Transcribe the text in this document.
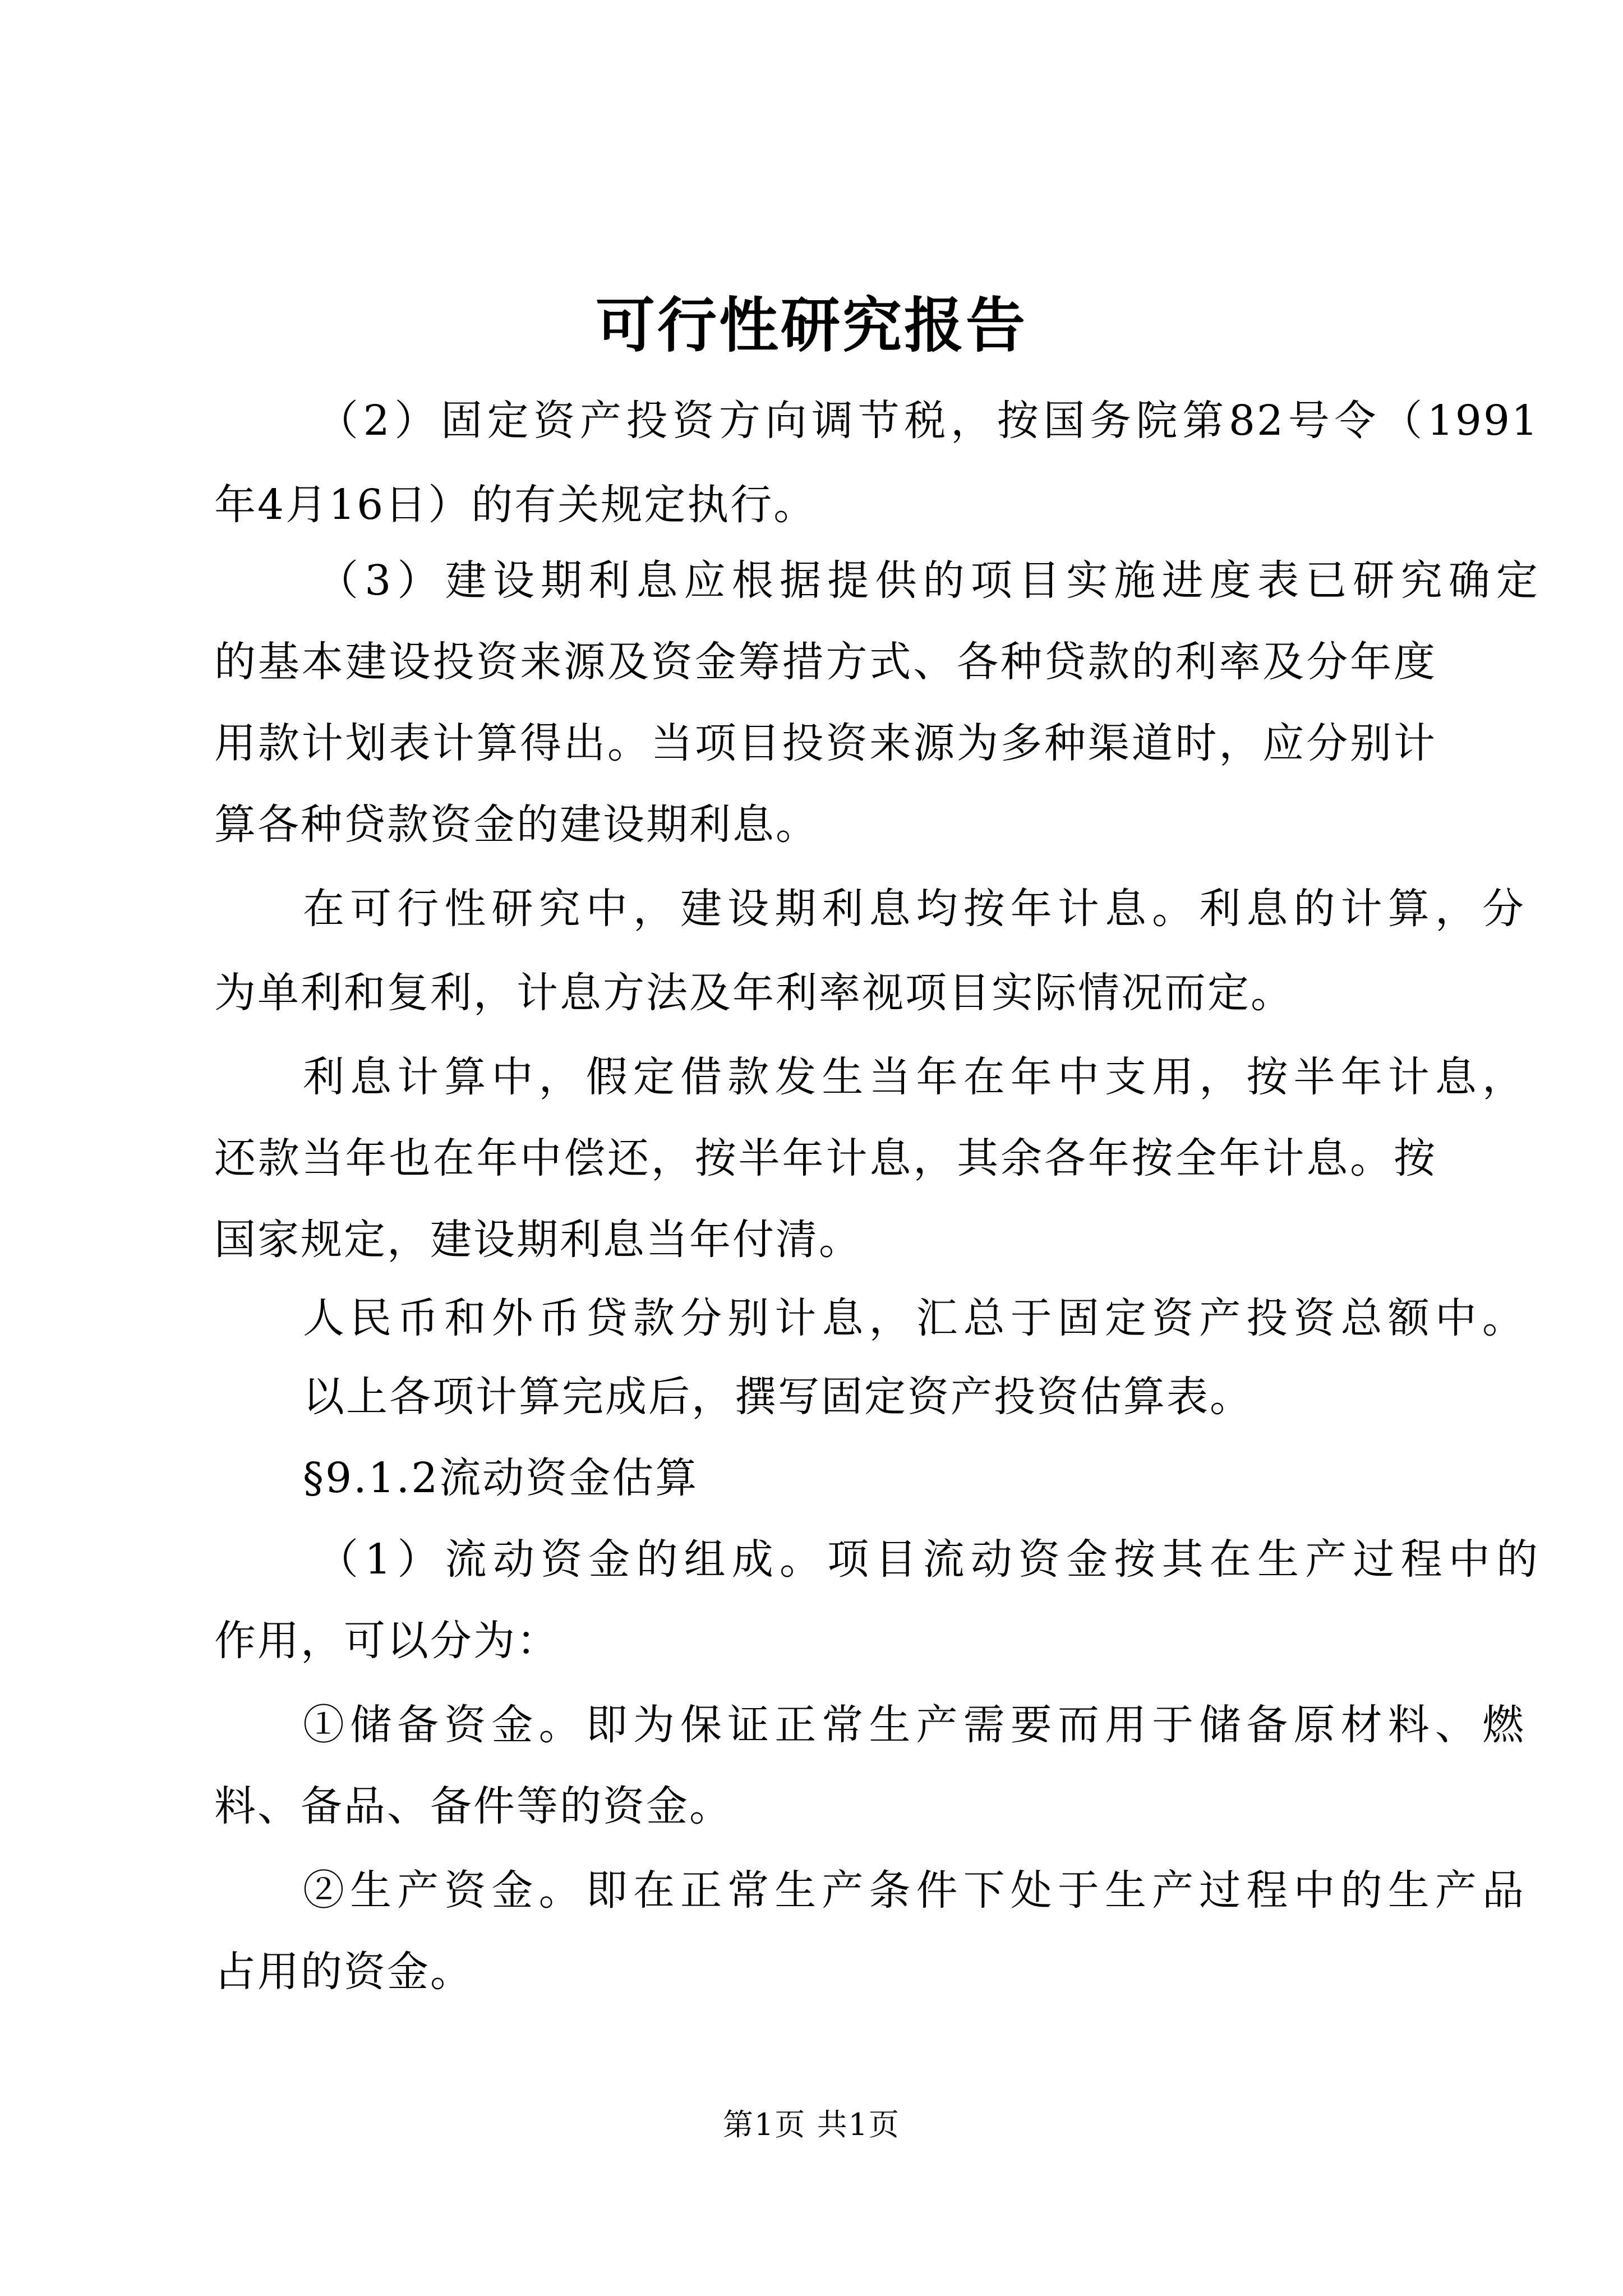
可行性研究报告
（2）固定资产投资方向调节税，按国务院第82号令（1991
年4月16日）的有关规定执行。
（3）建设期利息应根据提供的项目实施进度表已研究确定
的基本建设投资来源及资金筹措方式、各种贷款的利率及分年度
用款计划表计算得出。当项目投资来源为多种渠道时，应分别计
算各种贷款资金的建设期利息。
在可行性研究中，建设期利息均按年计息。利息的计算，分
为单利和复利，计息方法及年利率视项目实际情况而定。
利息计算中，假定借款发生当年在年中支用，按半年计息，
还款当年也在年中偿还，按半年计息，其余各年按全年计息。按
国家规定，建设期利息当年付清。
人民币和外币贷款分别计息，汇总于固定资产投资总额中。
以上各项计算完成后，撰写固定资产投资估算表。
§9.1.2流动资金估算
（1）流动资金的组成。项目流动资金按其在生产过程中的
作用，可以分为：
①储备资金。即为保证正常生产需要而用于储备原材料、燃
料、备品、备件等的资金。
②生产资金。即在正常生产条件下处于生产过程中的生产品
占用的资金。
第1页 共1页
